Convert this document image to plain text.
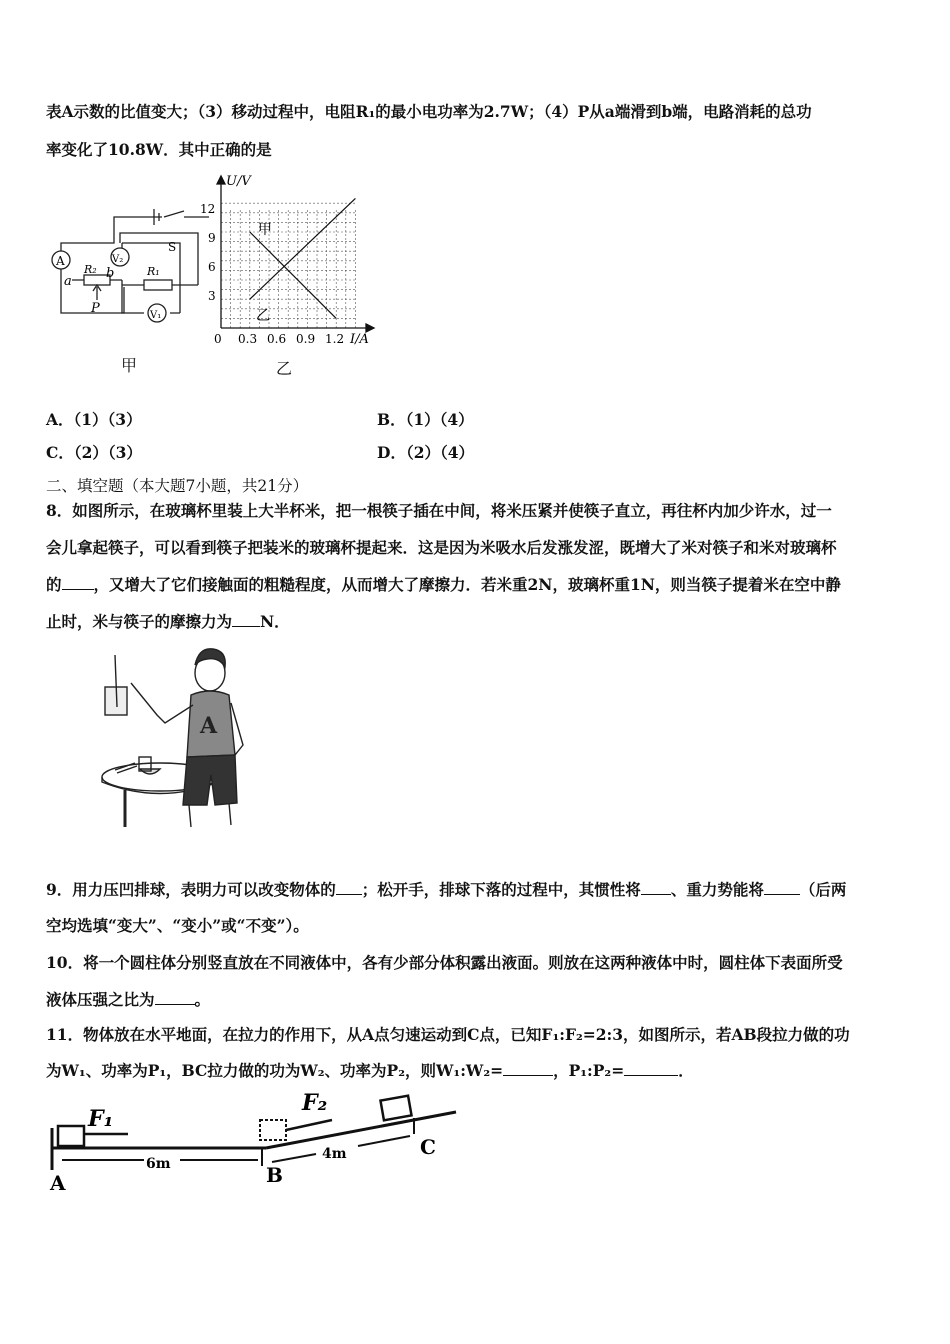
表A示数的比值变大；（3）移动过程中，电阻R₁的最小电功率为2.7W；（4）P从a端滑到b端，电路消耗的总功
率变化了10.8W．其中正确的是
A	V₂
V₁
R₂	R₁
S
a
b
P
甲
U/V
I/A
12
9
6
3
0 0.3 0.6 0.9 1.2
甲
乙
乙
A．（1）（3）	B．（1）（4）
C．（2）（3）	D．（2）（4）
二、填空题（本大题7小题，共21分）
8．如图所示，在玻璃杯里装上大半杯米，把一根筷子插在中间，将米压紧并使筷子直立，再往杯内加少许水，过一
会儿拿起筷子，可以看到筷子把装米的玻璃杯提起来．这是因为米吸水后发涨发涩，既增大了米对筷子和米对玻璃杯
的 ，又增大了它们接触面的粗糙程度，从而增大了摩擦力．若米重2N，玻璃杯重1N，则当筷子提着米在空中静
止时，米与筷子的摩擦力为 N．
A
9．用力压凹排球，表明力可以改变物体的 ；松开手，排球下落的过程中，其惯性将 、重力势能将 （后两
空均选填“变大”、“变小”或“不变”）。
10．将一个圆柱体分别竖直放在不同液体中，各有少部分体积露出液面。则放在这两种液体中时，圆柱体下表面所受
液体压强之比为	。
11．物体放在水平地面，在拉力的作用下，从A点匀速运动到C点，已知F₁:F₂=2:3，如图所示，若AB段拉力做的功
为W₁、功率为P₁，BC拉力做的功为W₂、功率为P₂，则W₁:W₂=	，P₁:P₂=	．
A	B
C
F₁
F₂
6m
4m
